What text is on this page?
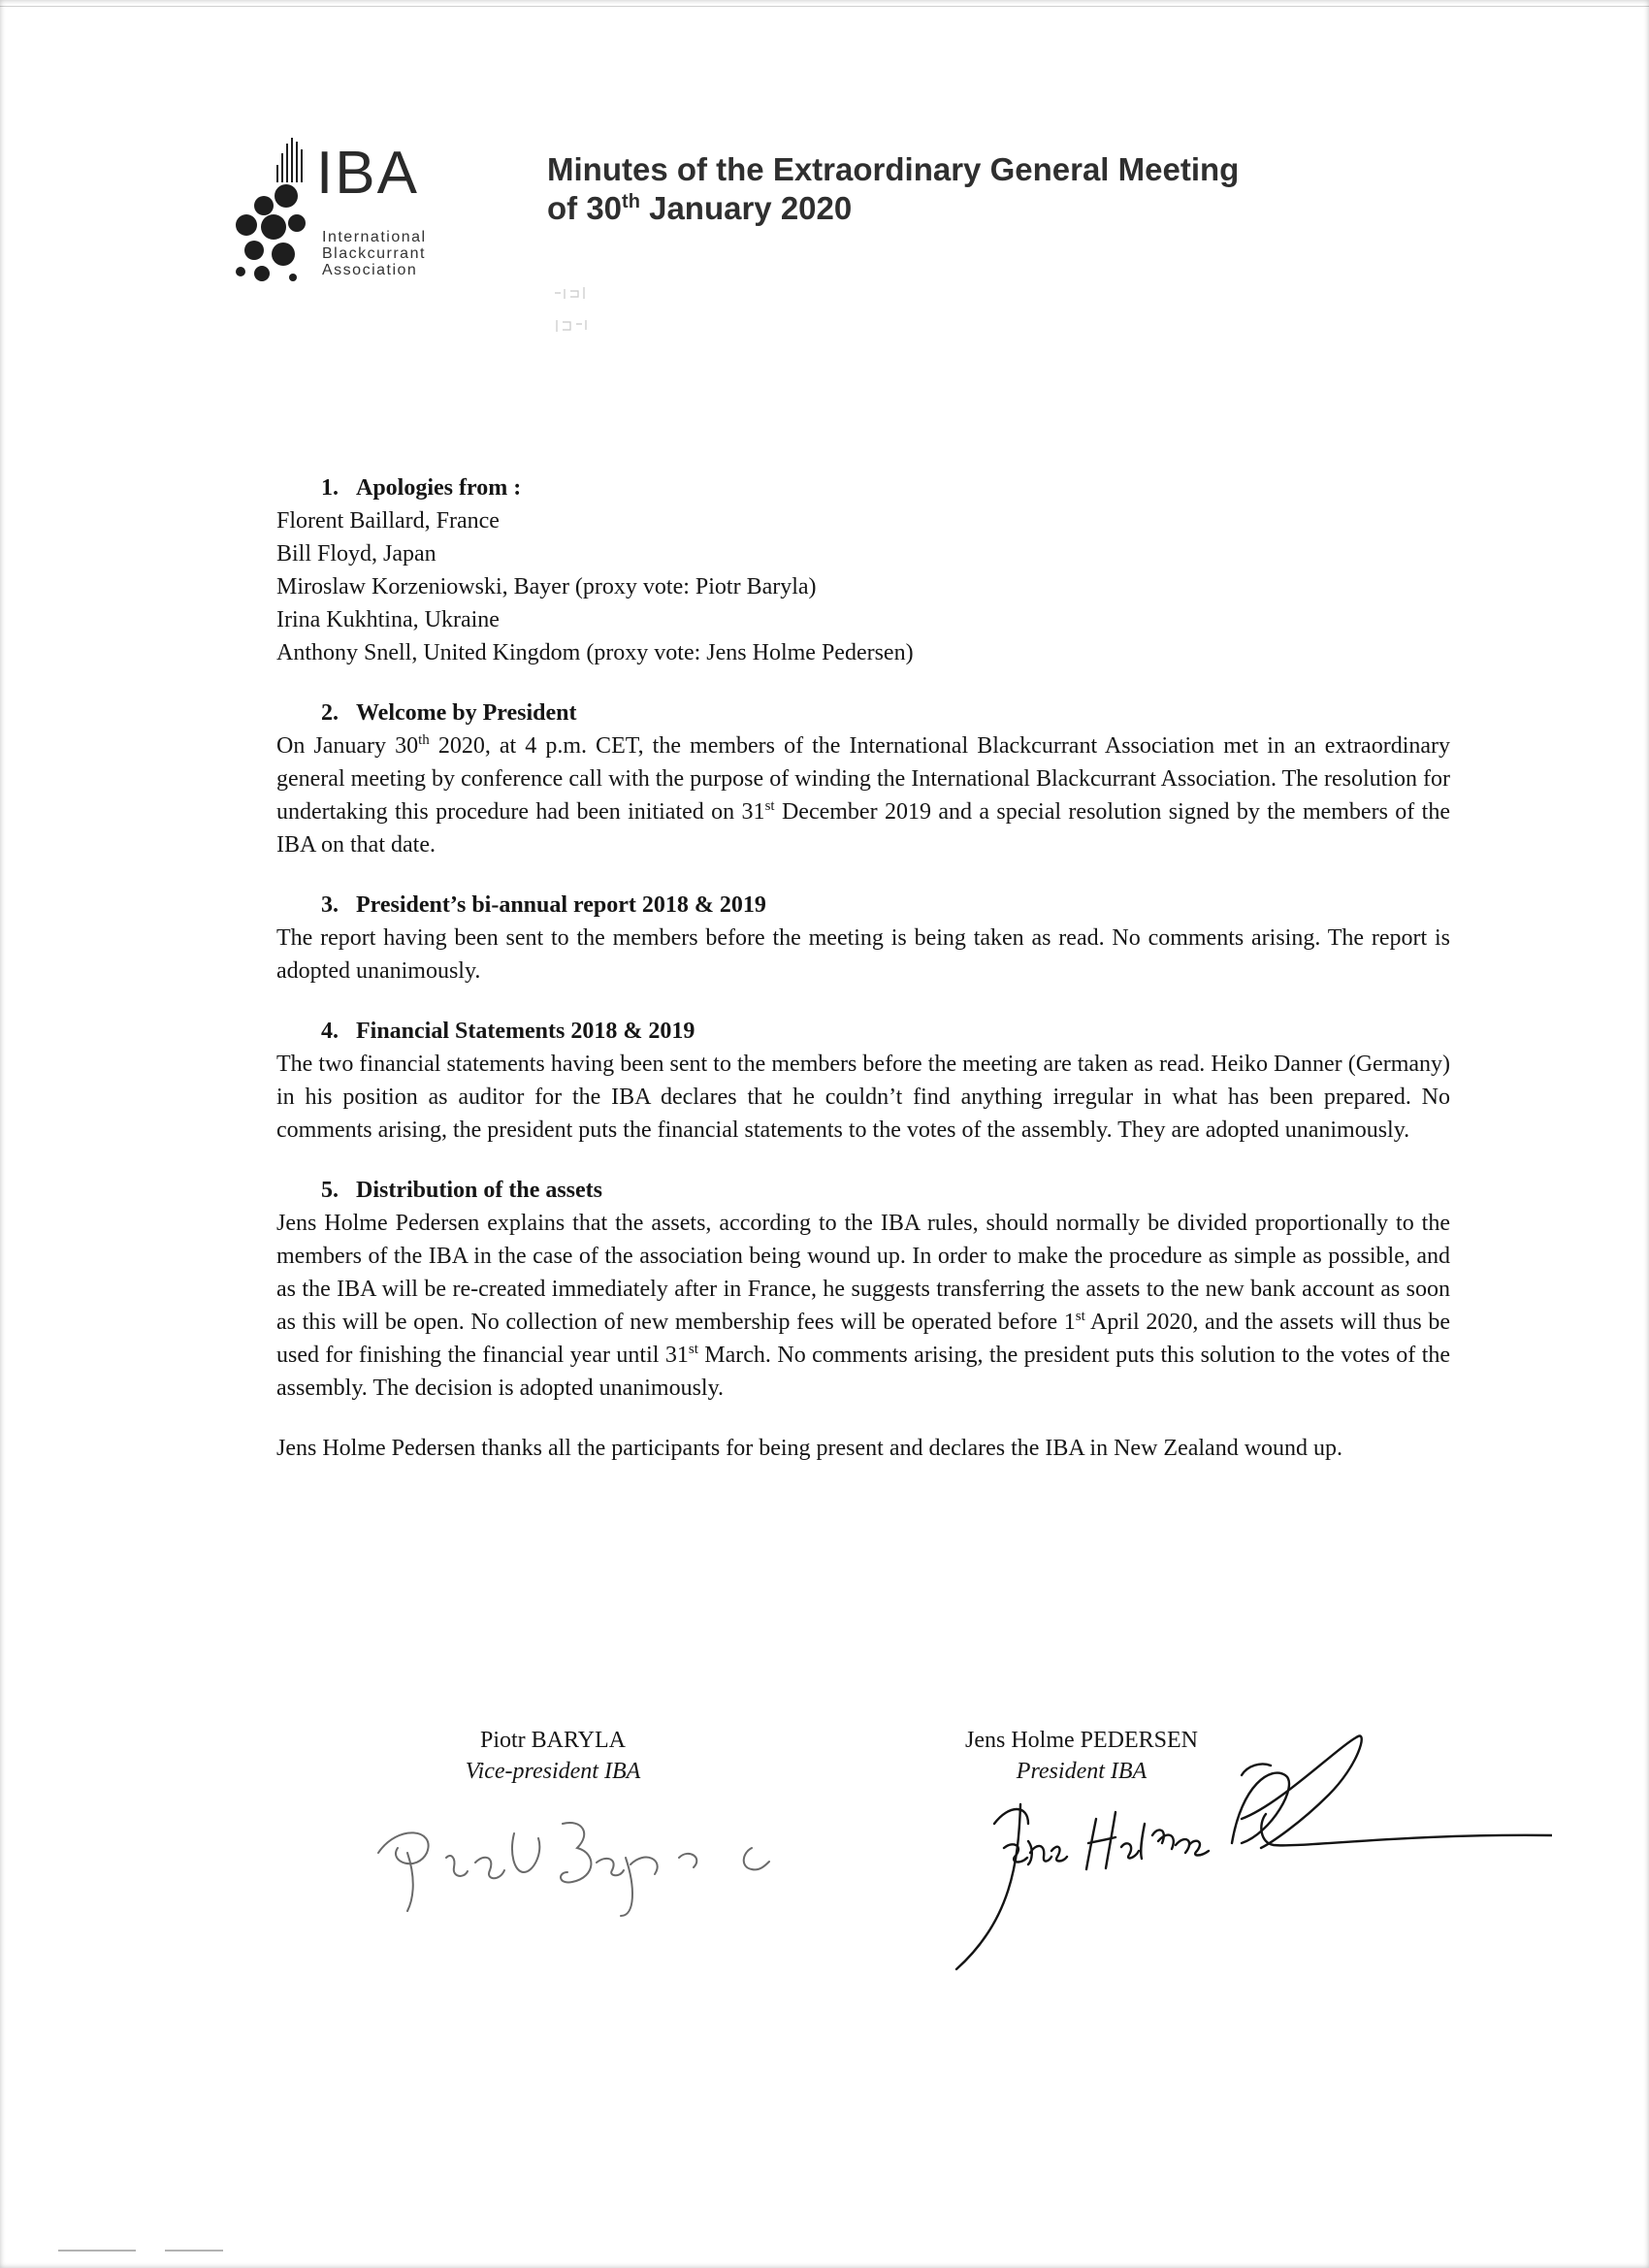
IBA
International
Blackcurrant
Association
Minutes of the Extraordinary General Meeting
of 30th January 2020
1. Apologies from :
Florent Baillard, France
Bill Floyd, Japan
Miroslaw Korzeniowski, Bayer (proxy vote: Piotr Baryla)
Irina Kukhtina, Ukraine
Anthony Snell, United Kingdom (proxy vote: Jens Holme Pedersen)
2. Welcome by President
On January 30th 2020, at 4 p.m. CET, the members of the International Blackcurrant Association met in an extraordinary general meeting by conference call with the purpose of winding the International Blackcurrant Association. The resolution for undertaking this procedure had been initiated on 31st December 2019 and a special resolution signed by the members of the IBA on that date.
3. President’s bi-annual report 2018 & 2019
The report having been sent to the members before the meeting is being taken as read. No comments arising. The report is adopted unanimously.
4. Financial Statements 2018 & 2019
The two financial statements having been sent to the members before the meeting are taken as read. Heiko Danner (Germany) in his position as auditor for the IBA declares that he couldn’t find anything irregular in what has been prepared. No comments arising, the president puts the financial statements to the votes of the assembly. They are adopted unanimously.
5. Distribution of the assets
Jens Holme Pedersen explains that the assets, according to the IBA rules, should normally be divided proportionally to the members of the IBA in the case of the association being wound up. In order to make the procedure as simple as possible, and as the IBA will be re-created immediately after in France, he suggests transferring the assets to the new bank account as soon as this will be open. No collection of new membership fees will be operated before 1st April 2020, and the assets will thus be used for finishing the financial year until 31st March. No comments arising, the president puts this solution to the votes of the assembly. The decision is adopted unanimously.
Jens Holme Pedersen thanks all the participants for being present and declares the IBA in New Zealand wound up.
Piotr BARYLA
Vice-president IBA
Jens Holme PEDERSEN
President IBA
